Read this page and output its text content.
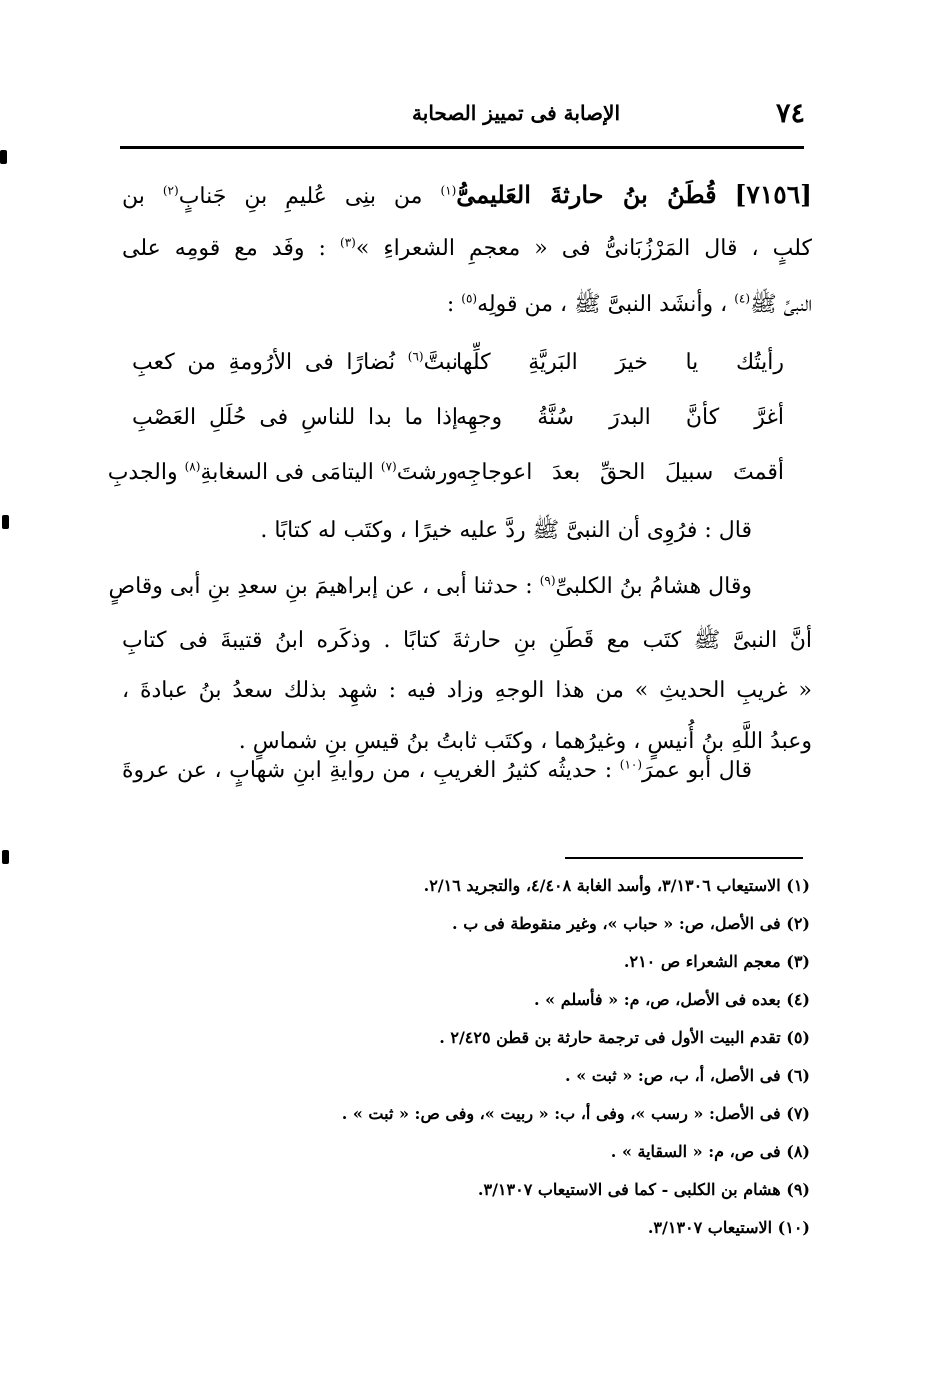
٧٤
الإصابة فى تمييز الصحابة
[٧١٥٦] قُطَنُ بنُ حارثةَ العَليمىُّ$^{(١)}$ من بنِى عُليمِ بنِ جَنابٍ$^{(٢)}$ بن
كلبٍ ، قال المَرْزُبَانىُّ فى « معجمِ الشعراءِ »$^{(٣)}$ : وفَد مع قومِه على
النبىِّ ﷺ$^{(٤)}$ ، وأنشَد النبىَّ ﷺ ، من قولِه$^{(٥)}$ :
رأيتُك يا خيرَ البَريَّةِ كلِّها
نبتَّ$^{(٦)}$ نُضارًا فى الأرُومةِ من كعبِ
أغرَّ كأنَّ البدرَ سُنَّةُ وجهِه
إذا ما بدا للناسِ فى حُلَلِ العَصْبِ
أقمتَ سبيلَ الحقِّ بعدَ اعوجاجِه
ورشتَ$^{(٧)}$ اليتامَى فى السغابةِ$^{(٨)}$ والجدبِ
قال : فرُوِى أن النبىَّ ﷺ ردَّ عليه خيرًا ، وكتَب له كتابًا .
وقال هشامُ بنُ الكلبىِّ$^{(٩)}$ : حدثنا أبى ، عن إبراهيمَ بنِ سعدِ بنِ أبى وقاصٍ
أنَّ النبىَّ ﷺ كتَب مع قَطَنِ بنِ حارثةَ كتابًا . وذكَره ابنُ قتيبةَ فى كتابِ
« غريبِ الحديثِ » من هذا الوجهِ وزاد فيه : شهِد بذلك سعدُ بنُ عبادةَ ،
وعبدُ اللَّهِ بنُ أُنيسٍ ، وغيرُهما ، وكتَب ثابتُ بنُ قيسِ بنِ شماسٍ .
قال أبو عمرَ$^{(١٠)}$ : حديثُه كثيرُ الغريبِ ، من روايةِ ابنِ شهابٍ ، عن عروةَ
(١) الاستيعاب ٣/١٣٠٦، وأسد الغابة ٤/٤٠٨، والتجريد ٢/١٦.
(٢) فى الأصل، ص: « حباب »، وغير منقوطة فى ب .
(٣) معجم الشعراء ص ٢١٠.
(٤) بعده فى الأصل، ص، م: « فأسلم » .
(٥) تقدم البيت الأول فى ترجمة حارثة بن قطن ٢/٤٢٥ .
(٦) فى الأصل، أ، ب، ص: « ثبت » .
(٧) فى الأصل: « رسب »، وفى أ، ب: « ربيت »، وفى ص: « ثبت » .
(٨) فى ص، م: « السقاية » .
(٩) هشام بن الكلبى - كما فى الاستيعاب ٣/١٣٠٧.
(١٠) الاستيعاب ٣/١٣٠٧.
